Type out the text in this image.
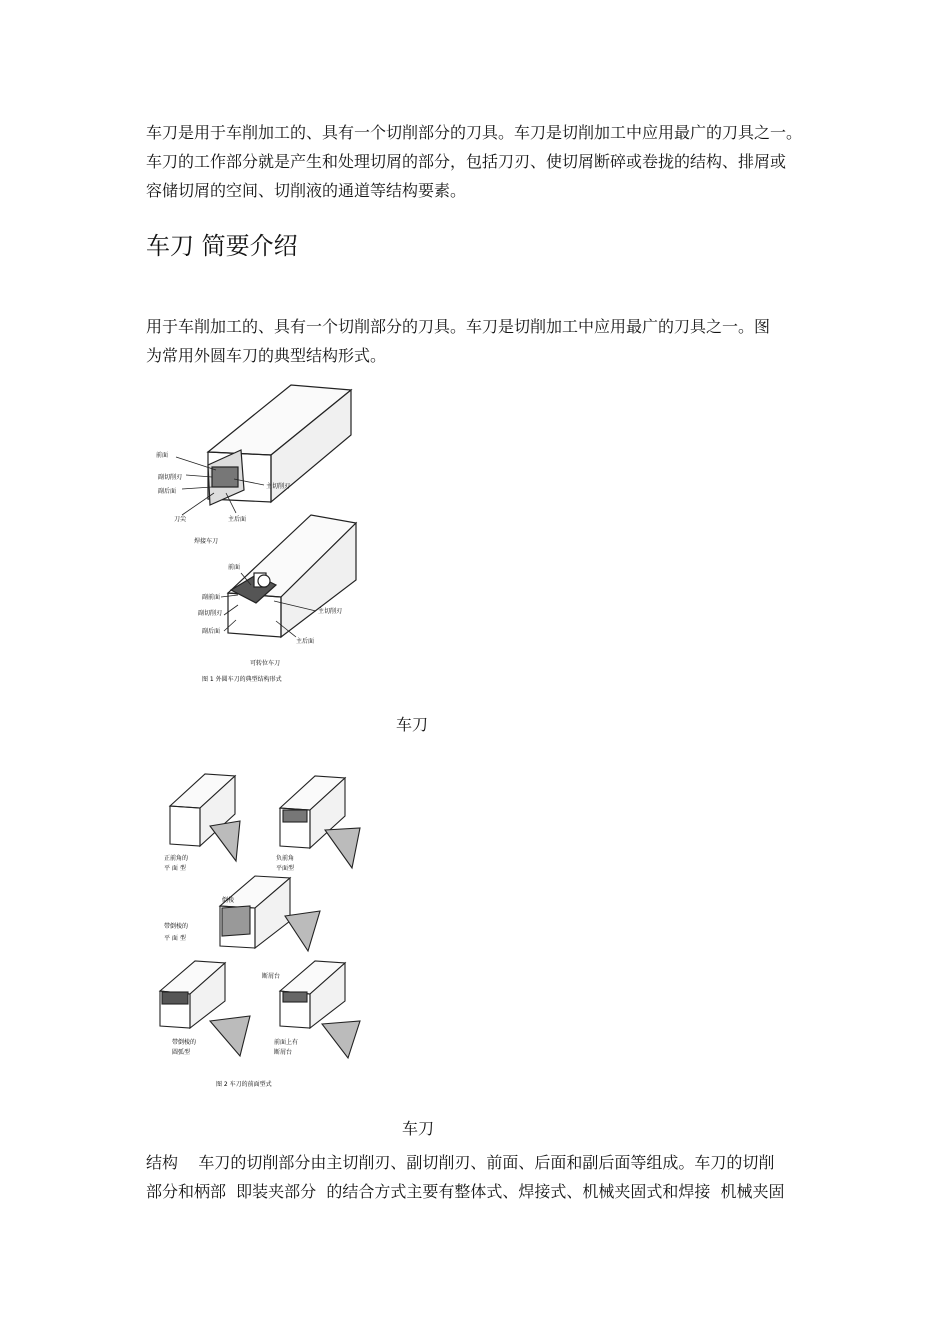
车刀是用于车削加工的、具有一个切削部分的刀具。车刀是切削加工中应用最广的刀具之一。
车刀的工作部分就是产生和处理切屑的部分，包括刀刃、使切屑断碎或卷拢的结构、排屑或
容储切屑的空间、切削液的通道等结构要素。
车刀 简要介绍
用于车削加工的、具有一个切削部分的刀具。车刀是切削加工中应用最广的刀具之一。图
为常用外圆车刀的典型结构形式。
前面
副切削刃
副后面
主切削刃
刀尖	主后面
焊接车刀
前面
副前面
副切削刃
副后面
主切削刃
主后面
可转位车刀
图 1 外圆车刀的典型结构形式

车刀

正前角的
平 面 型
负前角
平面型
倒棱
带倒棱的
平 面 型
断屑台
带倒棱的
圆弧型
前面上有
断屑台
图 2 车刀的前面型式

车刀

结构    车刀的切削部分由主切削刃、副切削刃、前面、后面和副后面等组成。车刀的切削
部分和柄部  即装夹部分  的结合方式主要有整体式、焊接式、机械夹固式和焊接  机械夹固
